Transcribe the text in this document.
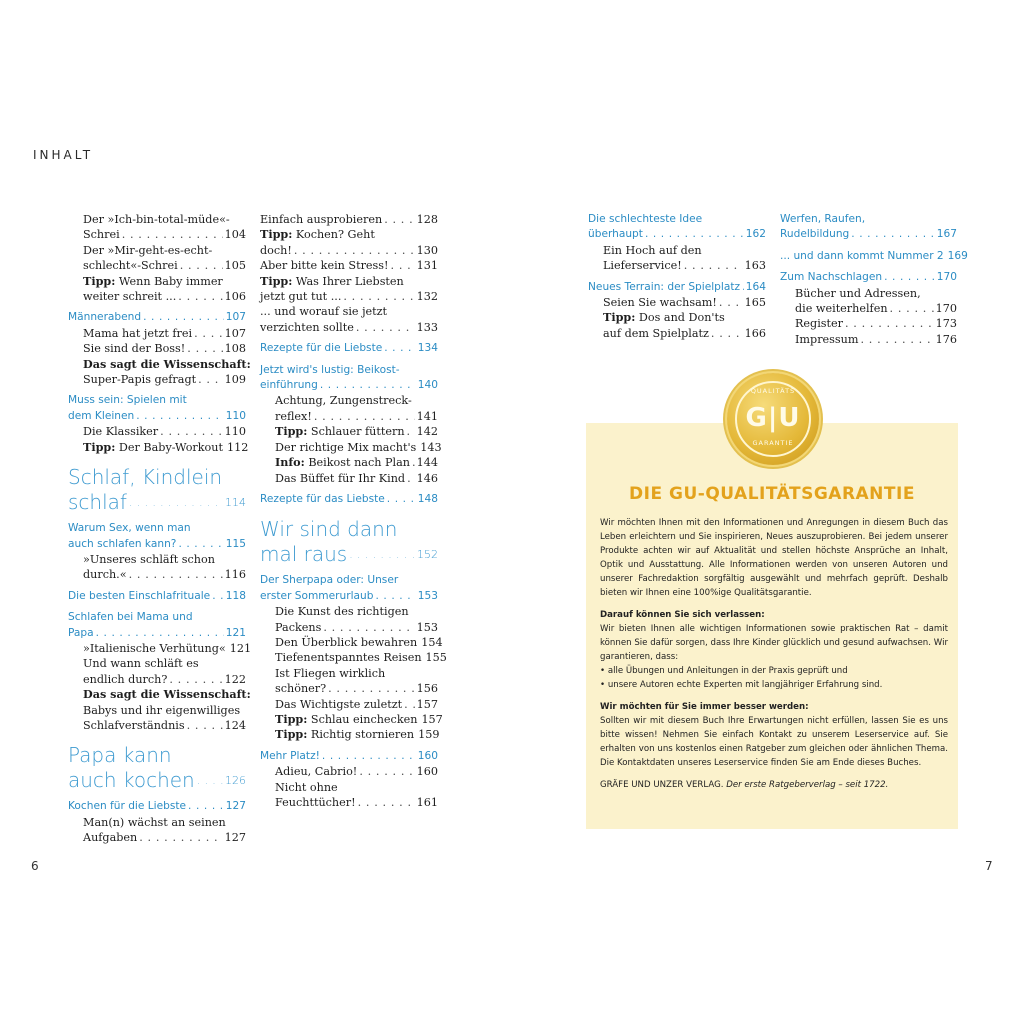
INHALT
Der »Ich-bin-total-müde«-
Schrei . . .	104
Der »Mir-geht-es-echt-
schlecht«-Schrei . . .	105
Tipp: Wenn Baby immer
weiter schreit ... . . .	106
Männerabend . . .	107
Mama hat jetzt frei . . .	107
Sie sind der Boss! . . .	108
Das sagt die Wissenschaft:
Super-Papis gefragt . . .	109
Muss sein: Spielen mit
dem Kleinen . . .	110
Die Klassiker . . .	110
Tipp: Der Baby-Workout 112
Schlaf, Kindlein
schlaf . . .	114
Warum Sex, wenn man
auch schlafen kann? . . .	115
»Unseres schläft schon
durch.« . . .	116
Die besten Einschlafrituale . . . 118
Schlafen bei Mama und
Papa . . .	121
»Italienische Verhütung« 121
Und wann schläft es
endlich durch? . . .	122
Das sagt die Wissenschaft:
Babys und ihr eigenwilliges
Schlafverständnis . . .	124
Papa kann
auch kochen . . .	126
Kochen für die Liebste . . .	127
Man(n) wächst an seinen
Aufgaben . . .	127
Einfach ausprobieren . . .	128
Tipp: Kochen? Geht
doch! . . .	130
Aber bitte kein Stress! . . .	131
Tipp: Was Ihrer Liebsten
jetzt gut tut ... . . .	132
... und worauf sie jetzt
verzichten sollte . . .	133
Rezepte für die Liebste . . .	134
Jetzt wird's lustig: Beikost-
einführung . . .	140
Achtung, Zungenstreck-
reflex! . . .	141
Tipp: Schlauer füttern . . . 142
Der richtige Mix macht's 143
Info: Beikost nach Plan . . . 144
Das Büffet für Ihr Kind . . . 146
Rezepte für das Liebste . . .	148
Wir sind dann
mal raus . . .	152
Der Sherpapa oder: Unser
erster Sommerurlaub . . .	153
Die Kunst des richtigen
Packens . . .	153
Den Überblick bewahren 154
Tiefenentspanntes Reisen 155
Ist Fliegen wirklich
schöner? . . .	156
Das Wichtigste zuletzt . . . 157
Tipp: Schlau einchecken 157
Tipp: Richtig stornieren 159
Mehr Platz! . . .	160
Adieu, Cabrio! . . .	160
Nicht ohne
Feuchttücher! . . .	161
Die schlechteste Idee
überhaupt . . .	162
Ein Hoch auf den
Lieferservice! . . .	163
Neues Terrain: der Spielplatz . . . 164
Seien Sie wachsam! . . . 165
Tipp: Dos and Don'ts
auf dem Spielplatz . . .	166
Werfen, Raufen,
Rudelbildung . . .	167
... und dann kommt Nummer 2 169
Zum Nachschlagen . . .	170
Bücher und Adressen,
die weiterhelfen . . .	170
Register . . .	173
Impressum . . .	176
QUALITÄTS
G|U
GARANTIE
DIE GU-QUALITÄTSGARANTIE

Wir möchten Ihnen mit den Informationen und Anregungen in diesem Buch das Leben erleichtern und Sie inspirieren, Neues auszuprobieren. Bei jedem unserer Produkte achten wir auf Aktualität und stellen höchste Ansprüche an Inhalt, Optik und Ausstattung. Alle Informationen werden von unseren Autoren und unserer Fachredaktion sorgfältig ausgewählt und mehrfach geprüft. Deshalb bieten wir Ihnen eine 100%ige Qualitätsgarantie.

Darauf können Sie sich verlassen:

Wir bieten Ihnen alle wichtigen Informationen sowie praktischen Rat – damit können Sie dafür sorgen, dass Ihre Kinder glücklich und gesund aufwachsen. Wir garantieren, dass:

• alle Übungen und Anleitungen in der Praxis geprüft und
• unsere Autoren echte Experten mit langjähriger Erfahrung sind.

Wir möchten für Sie immer besser werden:

Sollten wir mit diesem Buch Ihre Erwartungen nicht erfüllen, lassen Sie es uns bitte wissen! Nehmen Sie einfach Kontakt zu unserem Leserservice auf. Sie erhalten von uns kostenlos einen Ratgeber zum gleichen oder ähnlichen Thema. Die Kontaktdaten unseres Leserservice finden Sie am Ende dieses Buches.

GRÄFE UND UNZER VERLAG. Der erste Ratgeberverlag – seit 1722.

6	7
